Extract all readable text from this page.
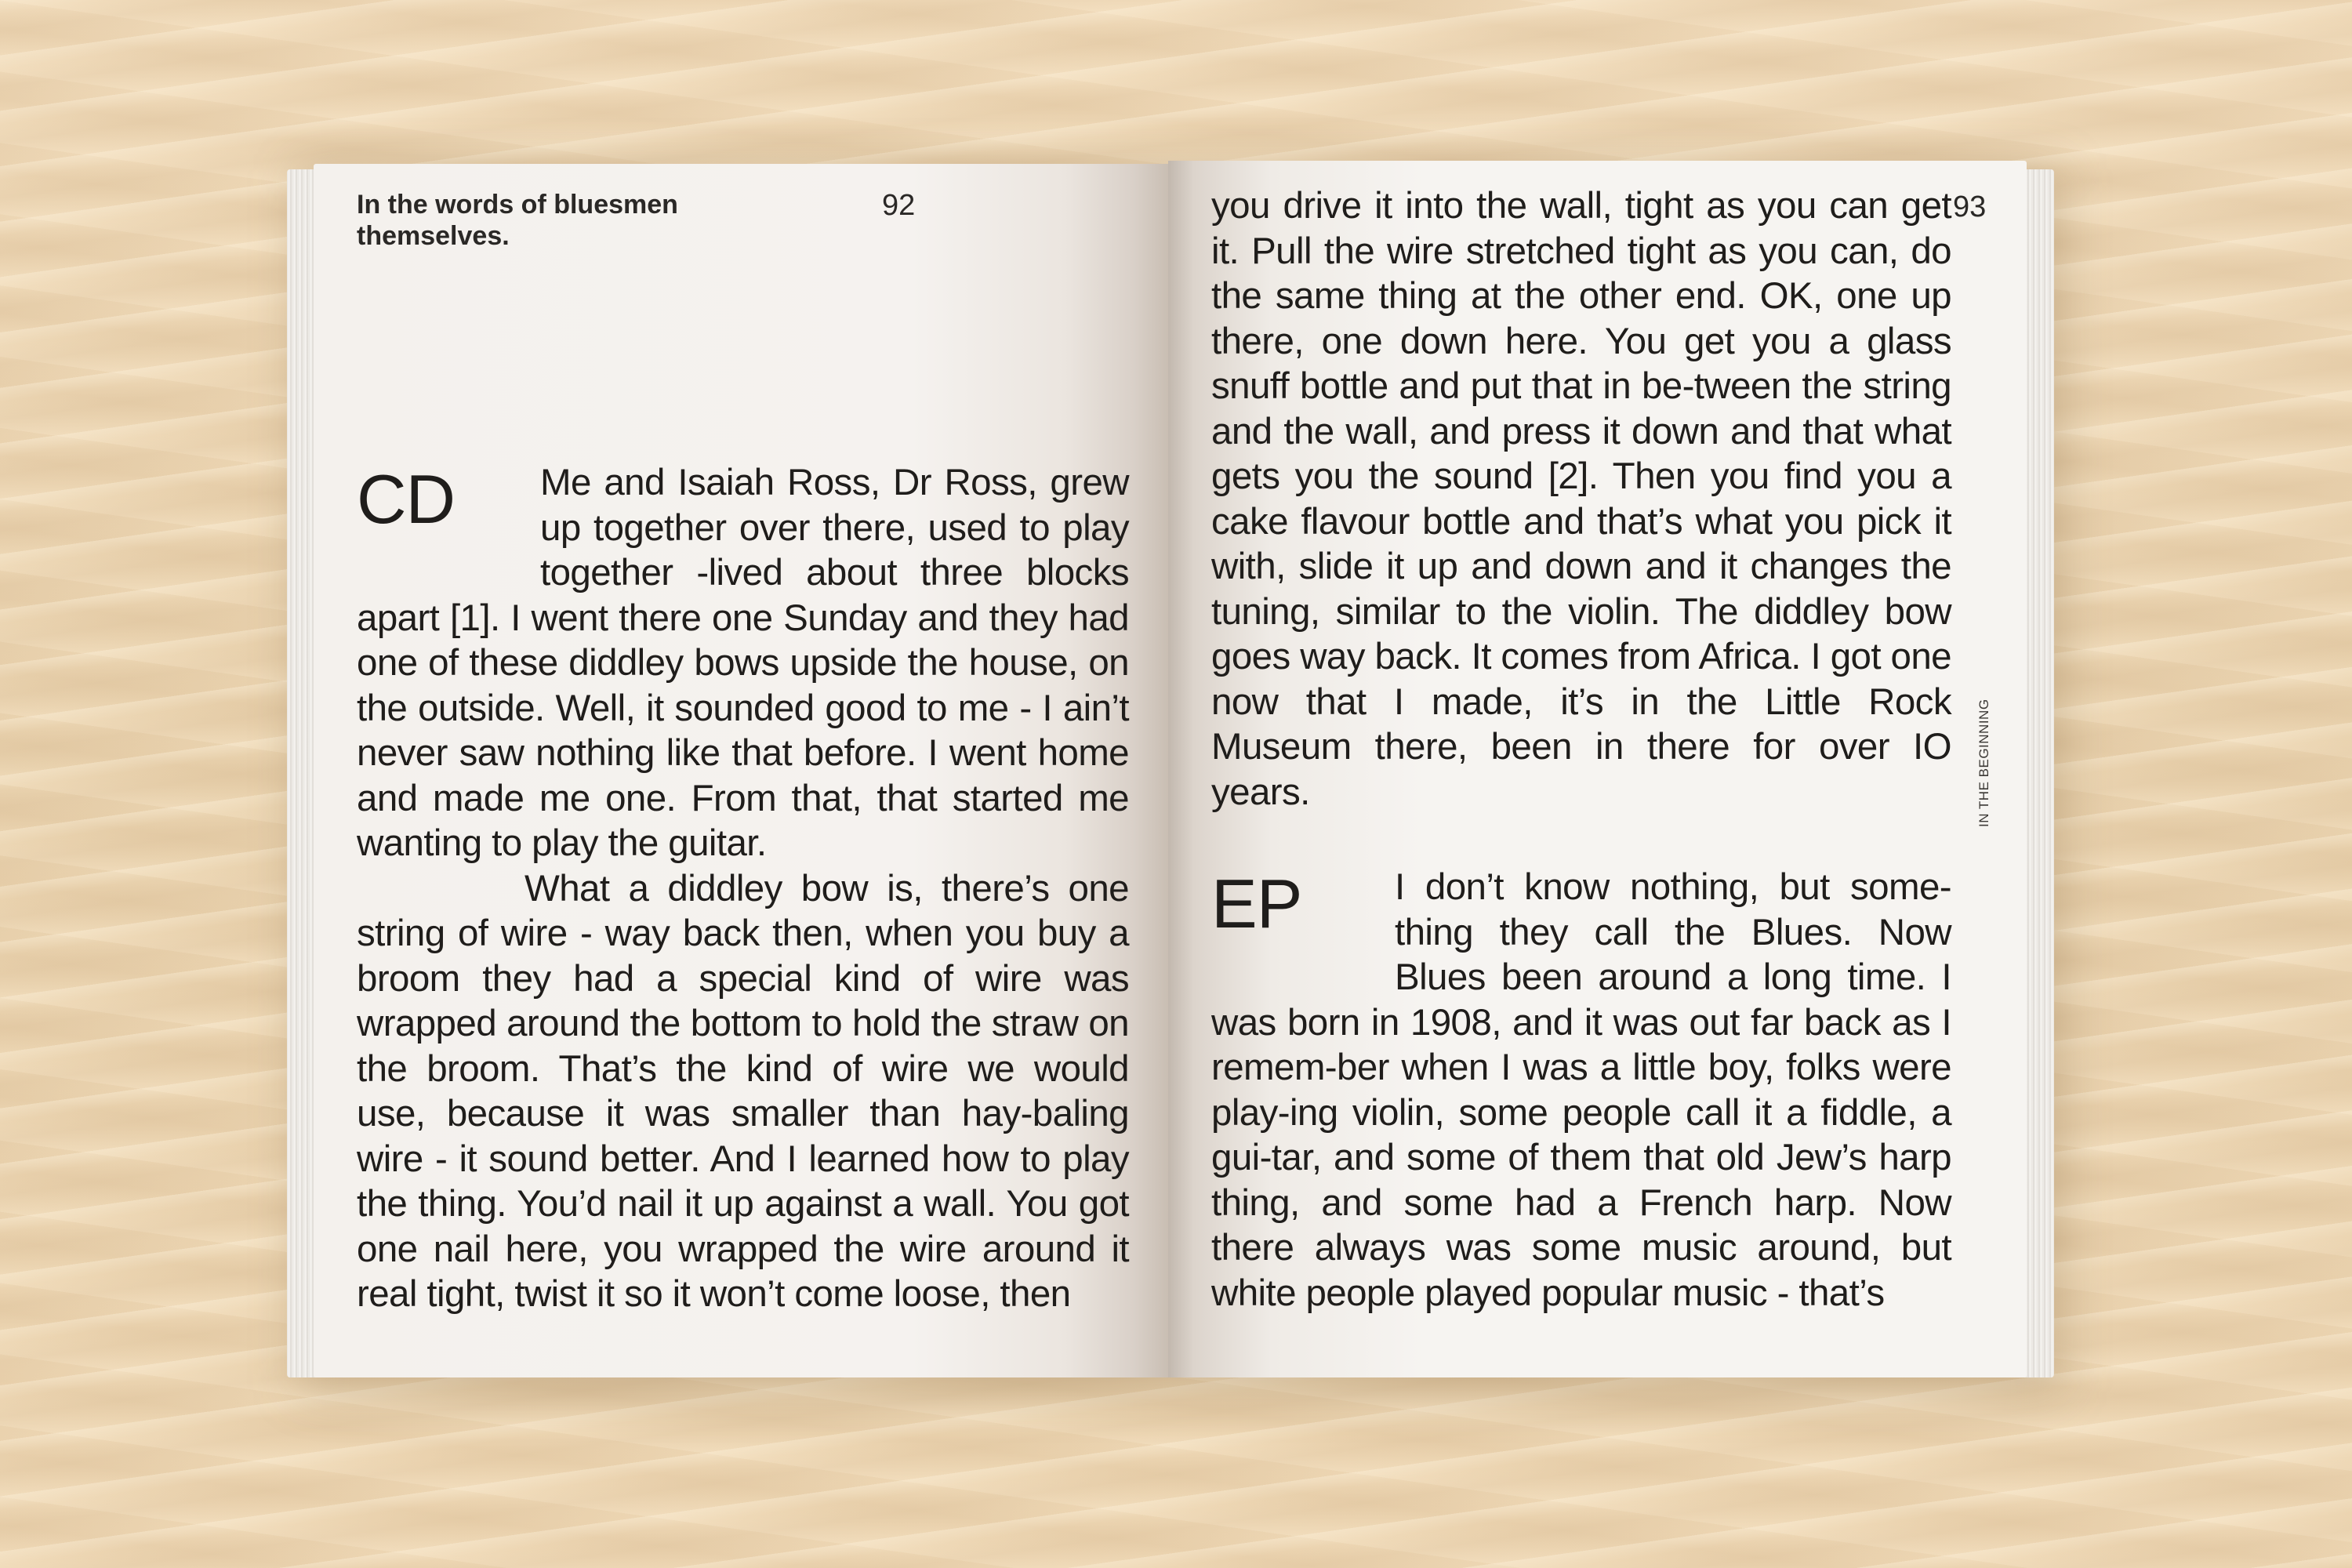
In the words of bluesmen themselves.
92
CD	Me and Isaiah Ross, Dr Ross, grew up together over there, used to play together -lived about three blocks apart [1]. I went there one Sunday and they had one of these diddley bows upside the house, on the outside. Well, it sounded good to me - I ain’t never saw nothing like that before. I went home and made me one. From that, that started me wanting to play the guitar.
What a diddley bow is, there’s one string of wire - way back then, when you buy a broom they had a special kind of wire was wrapped around the bottom to hold the straw on the broom. That’s the kind of wire we would use, because it was smaller than hay-baling wire - it sound better. And I learned how to play the thing. You’d nail it up against a wall. You got one nail here, you wrapped the wire around it real tight, twist it so it won’t come loose, then
93
you drive it into the wall, tight as you can get it. Pull the wire stretched tight as you can, do the same thing at the other end. OK, one up there, one down here. You get you a glass snuff bottle and put that in be-tween the string and the wall, and press it down and that what gets you the sound [2]. Then you find you a cake flavour bottle and that’s what you pick it with, slide it up and down and it changes the tuning, similar to the violin. The diddley bow goes way back. It comes from Africa. I got one now that I made, it’s in the Little Rock Museum there, been in there for over IO years.
EP	I don’t know nothing, but some-thing they call the Blues. Now Blues been around a long time. I was born in 1908, and it was out far back as I remem-ber when I was a little boy, folks were play-ing violin, some people call it a fiddle, a gui-tar, and some of them that old Jew’s harp thing, and some had a French harp. Now there always was some music around, but white people played popular music - that’s
IN THE BEGINNING
